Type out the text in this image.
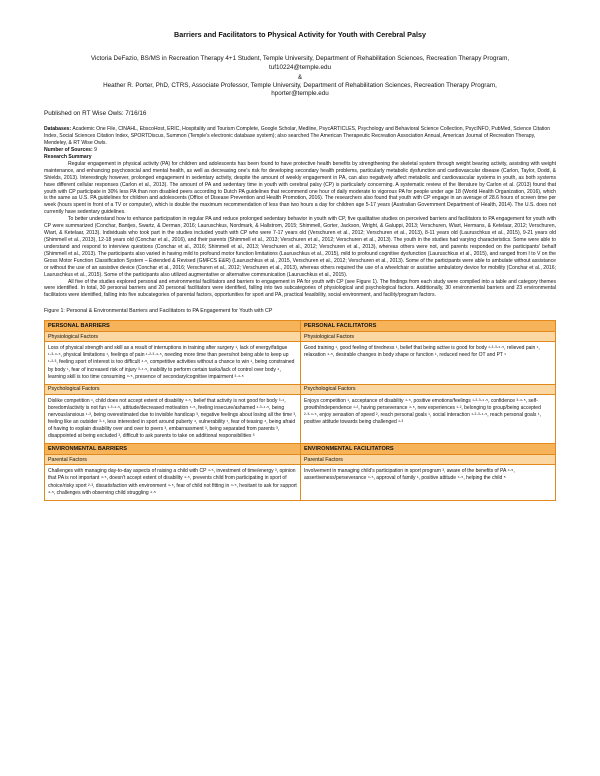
Barriers and Facilitators to Physical Activity for Youth with Cerebral Palsy
Victoria DeFazio, BS/MS in Recreation Therapy 4+1 Student, Temple University, Department of Rehabilitation Sciences, Recreation Therapy Program,
tuf10224@temple.edu
&
Heather R. Porter, PhD, CTRS, Associate Professor, Temple University, Department of Rehabilitation Sciences, Recreation Therapy Program,
hporter@temple.edu
Published on RT Wise Owls: 7/16/16

Databases: Academic One File, CINAHL, EbscoHost, ERIC, Hospitality and Tourism Complete, Google Scholar, Medline, PsycARTICLES, Psychology and Behavioral Science Collection, PsycINFO, PubMed, Science Citation Index, Social Sciences Citation Index, SPORTDiscus, Summon (Temple's electronic database system); also searched The American Therapeutic Recreation Association Annual, American Journal of Recreation Therapy, Mendeley, & RT Wise Owls.

Number of Sources: 9

Research Summary

Regular engagement in physical activity (PA) for children and adolescents has been found to have protective health benefits by strengthening the skeletal system through weight bearing activity, assisting with weight maintenance, and enhancing psychosocial and mental health, as well as decreasing one's risk for developing secondary health problems, particularly metabolic dysfunction and cardiovascular disease (Carlon, Taylor, Dodd, & Shields, 2013). Interestingly however, prolonged engagement in sedentary activity, despite the amount of weekly engagement in PA, can also negatively affect metabolic and cardiovascular systems in youth, as both systems have different cellular responses (Carlon et al., 2013). The amount of PA and sedentary time in youth with cerebral palsy (CP) is particularly concerning. A systematic review of the literature by Carlon et al. (2013) found that youth with CP participate in 30% less PA than non disabled peers according to Dutch PA guidelines that recommend one hour of daily moderate to vigorous PA for people under age 18 (World Health Organization, 2016), which is the same as U.S. PA guidelines for children and adolescents (Office of Disease Prevention and Health Promotion, 2016). The researchers also found that youth with CP engage in an average of 28.6 hours of screen time per week (hours spent in front of a TV or computer), which is double the maximum recommendation of less than two hours a day for children age 5-17 years (Australian Government Department of Health, 2014). The U.S. does not currently have sedentary guidelines.

To better understand how to enhance participation in regular PA and reduce prolonged sedentary behavior in youth with CP, five qualitative studies on perceived barriers and facilitators to PA engagement for youth with CP were summarized (Conchar, Bantjes, Swartz, & Derman, 2016; Lauruschkus, Nordmark, & Hallstrom, 2015; Shimmell, Gorter, Jackson, Wright, & Galuppi, 2013; Verschuren, Wiart, Hermans, & Ketelaar, 2012; Verschuren, Wiart, & Ketelaar, 2013). Individuals who took part in the studies included youth with CP who were 7-17 years old (Verschuren et al., 2012; Verschuren et al., 2013), 8-11 years old (Lauruschkus et al., 2015), 9-21 years old (Shimmell et al., 2013), 12-18 years old (Conchar et al., 2016), and their parents (Shimmell et al., 2013; Verschuren et al., 2012; Verschuren et al., 2013). The youth in the studies had varying characteristics. Some were able to understand and respond to interview questions (Conchar et al., 2016; Shimmell et al., 2013; Verschuren et al., 2012; Verschuren et al., 2013), whereas others were not, and parents responded on the participants' behalf (Shimmell et al., 2013). The participants also varied in having mild to profound motor function limitations (Lauruschkus et al., 2015), mild to profound cognitive dysfunction (Lauruschkus et al., 2015), and ranged from I to V on the Gross Motor Function Classification System – Extended & Revised (GMFCS E&R) (Lauruschkus et al., 2015, Verschuren et al., 2012; Verschuren et al., 2013). Some of the participants were able to ambulate without assistance or without the use of an assistive device (Conchar et al., 2016; Verschuren et al., 2012; Verschuren et al., 2013), whereas others required the use of a wheelchair or assistive ambulatory device for mobility (Conchar et al., 2016; Lauruschkus et al., 2015). Some of the participants also utilized augmentative or alternative communication (Lauruschkus et al., 2015).

All five of the studies explored personal and environmental facilitators and barriers to engagement in PA for youth with CP (see Figure 1). The findings from each study were compiled into a table and category themes were identified. In total, 30 personal barriers and 20 personal facilitators were identified, falling into two subcategories of physiological and psychological factors. Additionally, 30 environmental barriers and 23 environmental facilitators were identified, falling into five subcategories of parental factors, opportunities for sport and PA, practical feasibility, social environment, and facility/program factors.

Figure 1: Personal & Environmental Barriers and Facilitators to PA Engagement for Youth with CP
PERSONAL BARRIERS
Physiological Factors
Loss of physical strength and skill as a result of interruptions in training after surgery ¹, lack of energy/fatigue ¹·³·⁴·⁵, physical limitations ¹, feelings of pain ¹·²·³·⁴·⁵, needing more time than peers/not being able to keep up ¹·²·³, feeling sport of interest is too difficult ⁴·⁵, competitive activities without a chance to win ¹, being constrained by body ¹, fear of increased risk of injury ³·⁴·⁵, inability to perform certain tasks/lack of control over body ⁴, learning skill is too time consuming ⁴·⁵, presence of secondary/cognitive impairment ³·⁴·⁵
PERSONAL FACILITATORS
Physiological Factors
Good training ¹, good feeling of tiredness ¹, belief that being active is good for body ¹·²·³·⁴·⁵, relieved pain ¹, relaxation ⁴·⁵, desirable changes in body shape or function ¹, reduced need for OT and PT ¹
Psychological Factors
Dislike competition ¹, child does not accept extent of disability ⁴·⁵, belief that activity is not good for body ³·⁴, boredom/activity is not fun ¹·³·⁴·⁵, attitude/decreased motivation ⁴·⁵, feeling insecure/ashamed ¹·³·⁴·⁵, being nervous/anxious ¹·³, being overestimated due to invisible handicap ³, negative feelings about losing all the time ³, feeling like an outsider ³·⁴, less interested in sport around puberty ⁴, vulnerability ¹, fear of teasing ⁴, being afraid of having to explain disability over and over to peers ³, embarrassment ³, being separated from parents ³, disappointed at being excluded ³, difficult to ask parents to take on additional responsibilities ³
Psychological Factors
Enjoys competition ¹, acceptance of disability ⁴·⁵, positive emotions/feelings ¹·²·³·⁴·⁵, confidence ³·⁴·⁵, self-growth/independence ¹·², having perseverance ⁴·⁵, new experiences ¹·², belonging to group/being accepted ²·³·⁴·⁵, enjoy sensation of speed ², reach personal goals ¹, social interaction ¹·²·³·⁴·⁵, reach personal goals ¹, positive attitude towards being challenged ¹·³
ENVIRONMENTAL BARRIERS
Parental Factors
Challenges with managing day-to-day aspects of raising a child with CP ⁴·⁵, investment of time/energy ³, opinion that PA is not important ⁴·⁵, doesn't accept extent of disability ⁴·⁵, prevents child from participating in sport of choice/risky sport ²·³, dissatisfaction with environment ⁴·⁵, fear of child not fitting in ⁴·⁵, hesitant to ask for support ⁴·⁵, challenges with observing child struggling ⁴·⁵
ENVIRONMENTAL FACILITATORS
Parental Factors
Involvement in managing child's participation in sport program ³, aware of the benefits of PA ⁴·⁵, assertiveness/perseverance ⁴·⁵, approval of family ¹, positive attitude ⁴·⁵, helping the child ⁵
